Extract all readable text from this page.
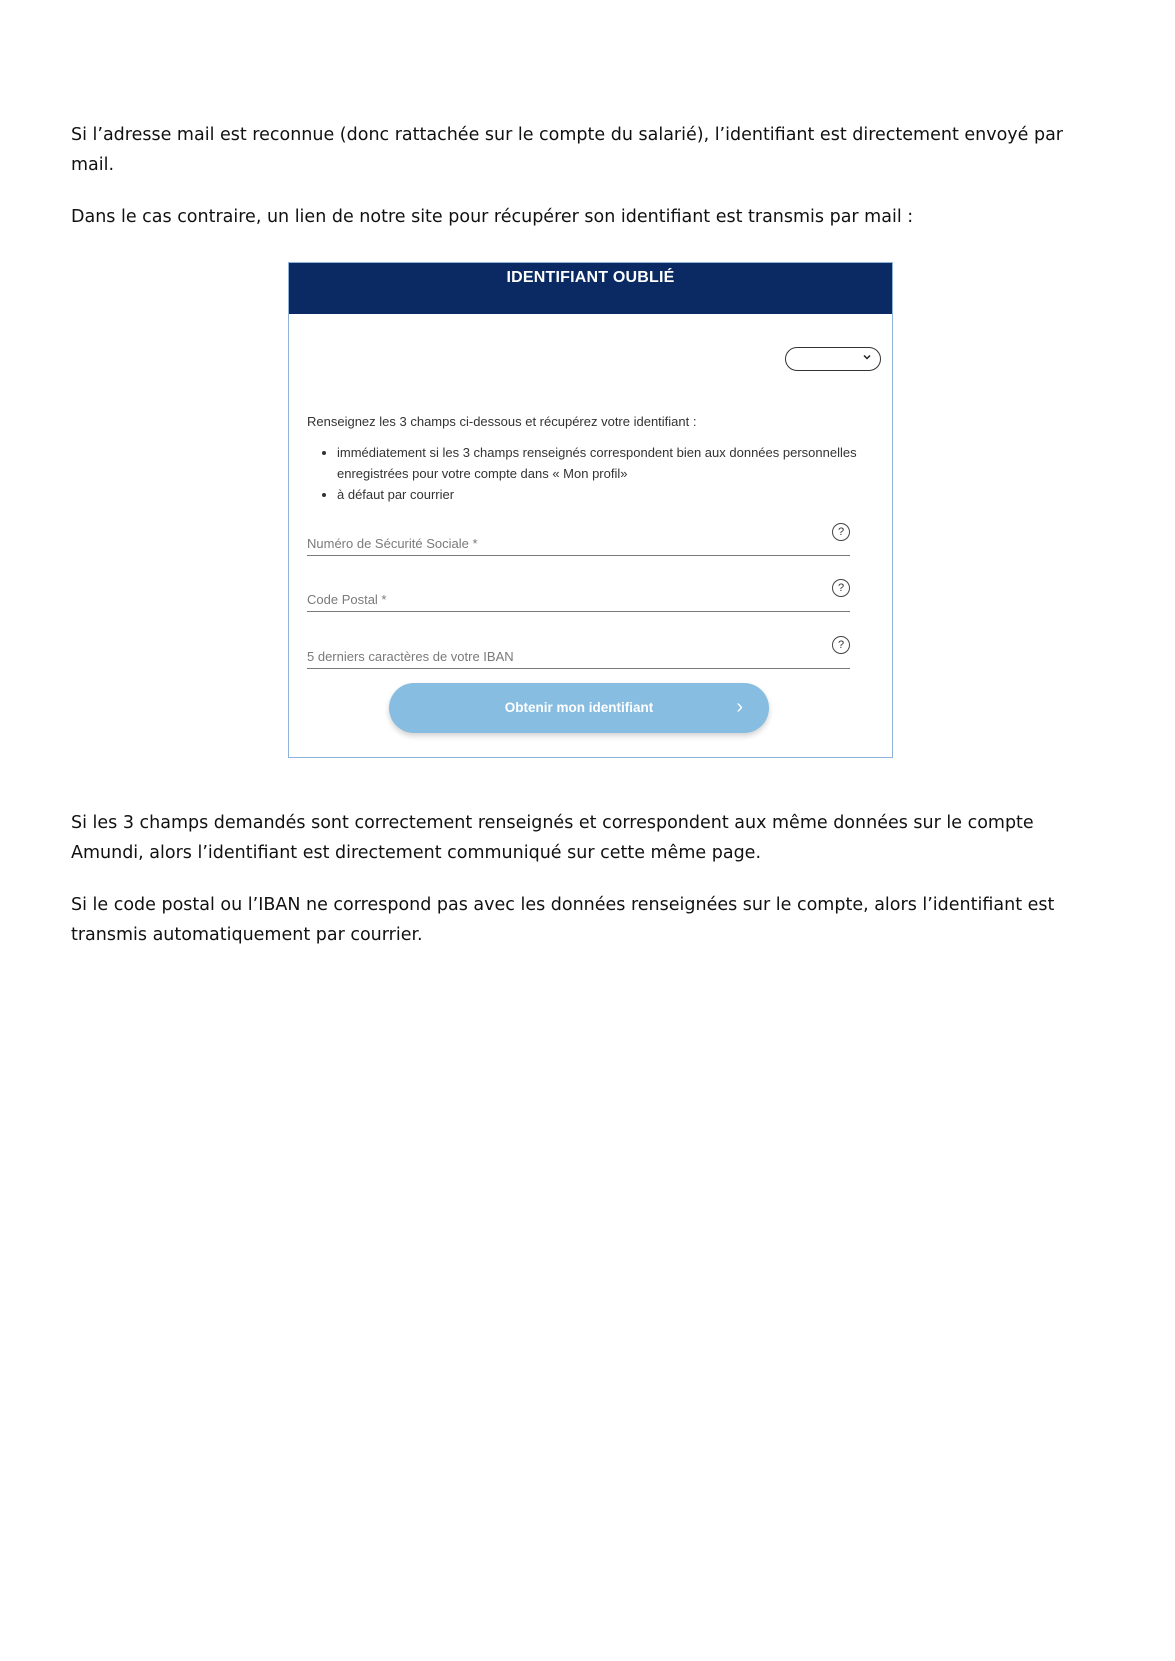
Si l’adresse mail est reconnue (donc rattachée sur le compte du salarié), l’identifiant est directement envoyé par mail.

Dans le cas contraire, un lien de notre site pour récupérer son identifiant est transmis par mail :

IDENTIFIANT OUBLIÉ
Renseignez les 3 champs ci-dessous et récupérez votre identifiant :
• immédiatement si les 3 champs renseignés correspondent bien aux données personnelles enregistrées pour votre compte dans « Mon profil»
• à défaut par courrier
Numéro de Sécurité Sociale *
?
Code Postal *
?
5 derniers caractères de votre IBAN
?
Obtenir mon identifiant	›

Si les 3 champs demandés sont correctement renseignés et correspondent aux même données sur le compte Amundi, alors l’identifiant est directement communiqué sur cette même page.

Si le code postal ou l’IBAN ne correspond pas avec les données renseignées sur le compte, alors l’identifiant est transmis automatiquement par courrier.
